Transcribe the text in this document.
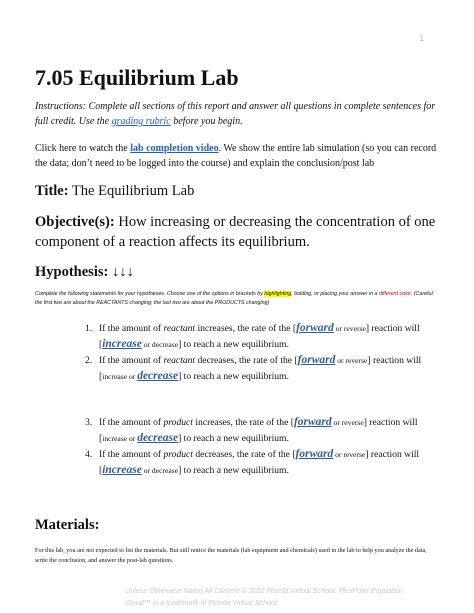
1
7.05 Equilibrium Lab
Instructions: Complete all sections of this report and answer all questions in complete sentences for full credit. Use the grading rubric before you begin.
Click here to watch the lab completion video. We show the entire lab simulation (so you can record the data; don’t need to be logged into the course) and explain the conclusion/post lab
Title: The Equilibrium Lab
Objective(s): How increasing or decreasing the concentration of one component of a reaction affects its equilibrium.
Hypothesis: ↓↓↓
Complete the following statements for your hypotheses. Choose one of the options in brackets by highlighting, bolding, or placing your answer in a different color. (Careful: the first two are about the REACTANTS changing; the last two are about the PRODUCTS changing)
1. If the amount of reactant increases, the rate of the [forward or reverse] reaction will [increase or decrease] to reach a new equilibrium.
2. If the amount of reactant decreases, the rate of the [forward or reverse] reaction will [increase or decrease] to reach a new equilibrium.
3. If the amount of product increases, the rate of the [forward or reverse] reaction will [increase or decrease] to reach a new equilibrium.
4. If the amount of product decreases, the rate of the [forward or reverse] reaction will [increase or decrease] to reach a new equilibrium.
Materials:
For this lab, you are not expected to list the materials. But still notice the materials (lab equipment and chemicals) used in the lab to help you analyze the data, write the conclusion, and answer the post-lab questions.
Unless Otherwise Noted All Content © 2022 Florida Virtual School. FlexPoint Education Cloud™ is a trademark of Florida Virtual School.
